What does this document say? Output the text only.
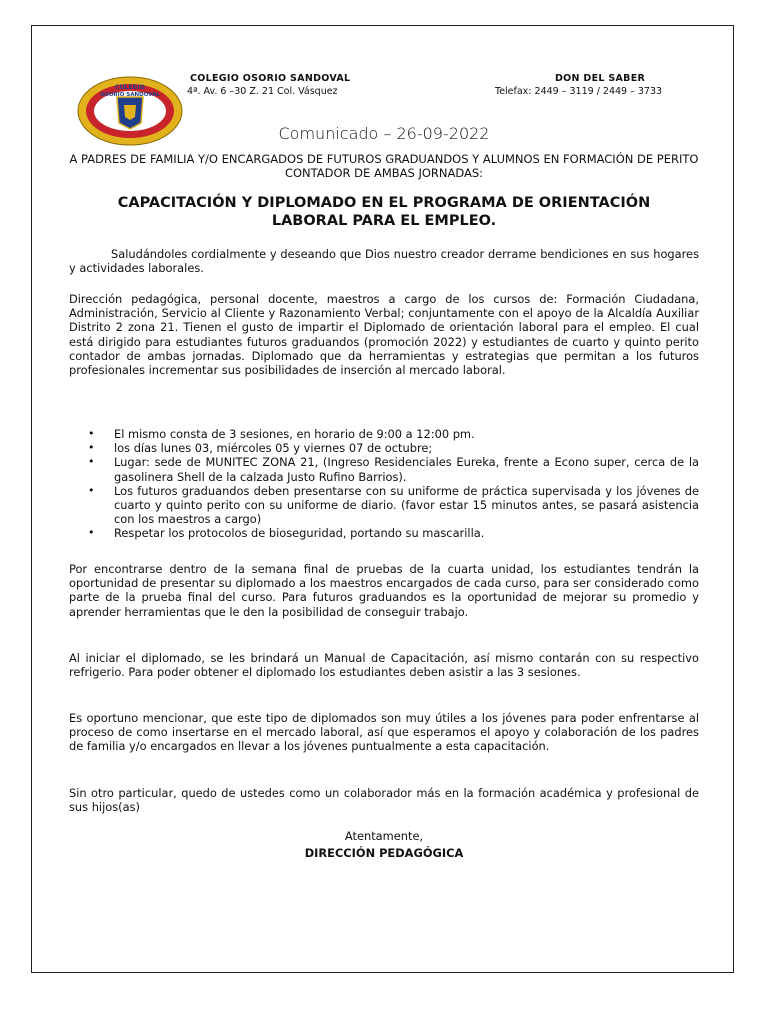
COLEGIO
OSORIO SANDOVAL
COLEGIO OSORIO SANDOVAL
4ª. Av. 6 –30 Z. 21 Col. Vásquez
DON DEL SABER
Telefax: 2449 – 3119 / 2449 – 3733
Comunicado – 26-09-2022
A PADRES DE FAMILIA Y/O ENCARGADOS DE FUTUROS GRADUANDOS Y ALUMNOS EN FORMACIÓN DE PERITO CONTADOR DE AMBAS JORNADAS:
CAPACITACIÓN Y DIPLOMADO EN EL PROGRAMA DE ORIENTACIÓN LABORAL PARA EL EMPLEO.

Saludándoles cordialmente y deseando que Dios nuestro creador derrame bendiciones en sus hogares y actividades laborales.

Dirección pedagógica, personal docente, maestros a cargo de los cursos de: Formación Ciudadana, Administración, Servicio al Cliente y Razonamiento Verbal; conjuntamente con el apoyo de la Alcaldía Auxiliar Distrito 2 zona 21. Tienen el gusto de impartir el Diplomado de orientación laboral para el empleo. El cual está dirigido para estudiantes futuros graduandos (promoción 2022) y estudiantes de cuarto y quinto perito contador de ambas jornadas. Diplomado que da herramientas y estrategias que permitan a los futuros profesionales incrementar sus posibilidades de inserción al mercado laboral.

• El mismo consta de 3 sesiones, en horario de 9:00 a 12:00 pm.
• los días lunes 03, miércoles 05 y viernes 07 de octubre;
• Lugar: sede de MUNITEC ZONA 21, (Ingreso Residenciales Eureka, frente a Econo super, cerca de la gasolinera Shell de la calzada Justo Rufino Barrios).
• Los futuros graduandos deben presentarse con su uniforme de práctica supervisada y los jóvenes de cuarto y quinto perito con su uniforme de diario. (favor estar 15 minutos antes, se pasará asistencia con los maestros a cargo)
• Respetar los protocolos de bioseguridad, portando su mascarilla.

Por encontrarse dentro de la semana final de pruebas de la cuarta unidad, los estudiantes tendrán la oportunidad de presentar su diplomado a los maestros encargados de cada curso, para ser considerado como parte de la prueba final del curso. Para futuros graduandos es la oportunidad de mejorar su promedio y aprender herramientas que le den la posibilidad de conseguir trabajo.

Al iniciar el diplomado, se les brindará un Manual de Capacitación, así mismo contarán con su respectivo refrigerio. Para poder obtener el diplomado los estudiantes deben asistir a las 3 sesiones.

Es oportuno mencionar, que este tipo de diplomados son muy útiles a los jóvenes para poder enfrentarse al proceso de como insertarse en el mercado laboral, así que esperamos el apoyo y colaboración de los padres de familia y/o encargados en llevar a los jóvenes puntualmente a esta capacitación.

Sin otro particular, quedo de ustedes como un colaborador más en la formación académica y profesional de sus hijos(as)

Atentamente,
DIRECCIÓN PEDAGÓGICA
